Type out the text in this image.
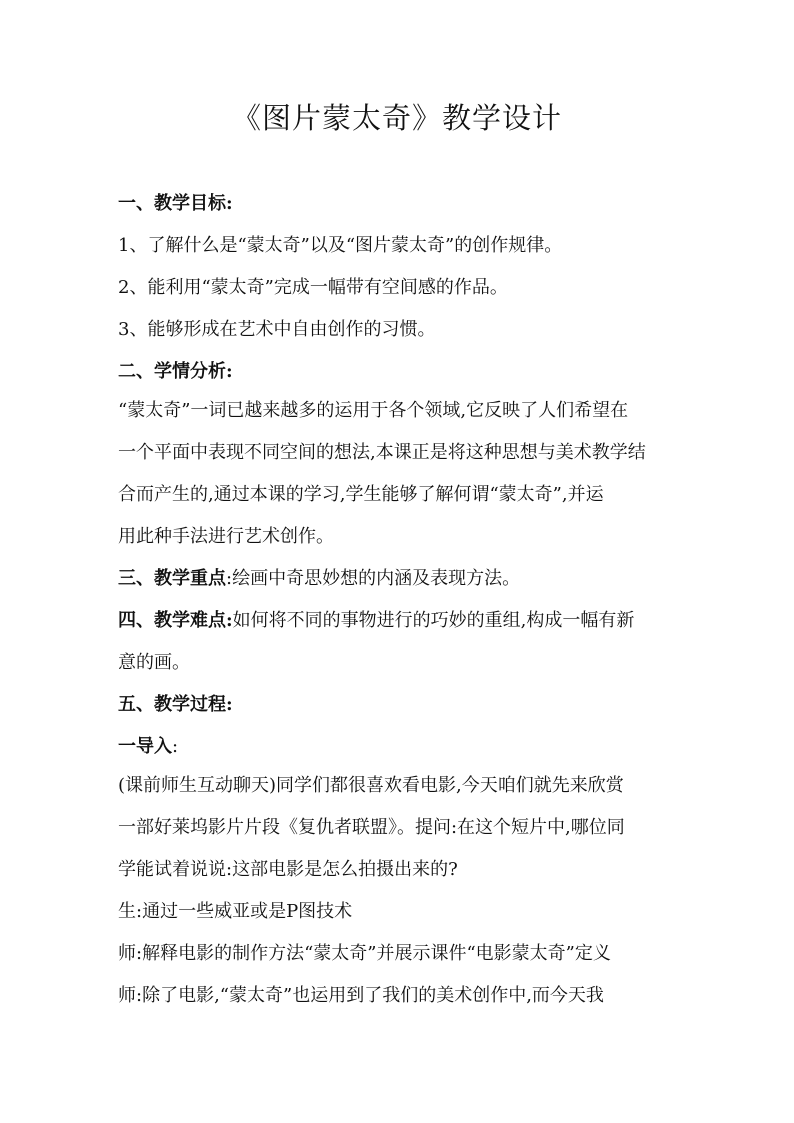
《图片蒙太奇》教学设计
一、教学目标:
1、了解什么是“蒙太奇”以及“图片蒙太奇”的创作规律。
2、能利用“蒙太奇”完成一幅带有空间感的作品。
3、能够形成在艺术中自由创作的习惯。
二、学情分析:
“蒙太奇”一词已越来越多的运用于各个领域,它反映了人们希望在
一个平面中表现不同空间的想法,本课正是将这种思想与美术教学结
合而产生的,通过本课的学习,学生能够了解何谓“蒙太奇”,并运
用此种手法进行艺术创作。
三、教学重点:绘画中奇思妙想的内涵及表现方法。
四、教学难点:如何将不同的事物进行的巧妙的重组,构成一幅有新
意的画。
五、教学过程:
一导入:
(课前师生互动聊天)同学们都很喜欢看电影,今天咱们就先来欣赏
一部好莱坞影片片段《复仇者联盟》。提问:在这个短片中,哪位同
学能试着说说:这部电影是怎么拍摄出来的?
生:通过一些威亚或是P图技术
师:解释电影的制作方法“蒙太奇”并展示课件“电影蒙太奇”定义
师:除了电影,“蒙太奇”也运用到了我们的美术创作中,而今天我
